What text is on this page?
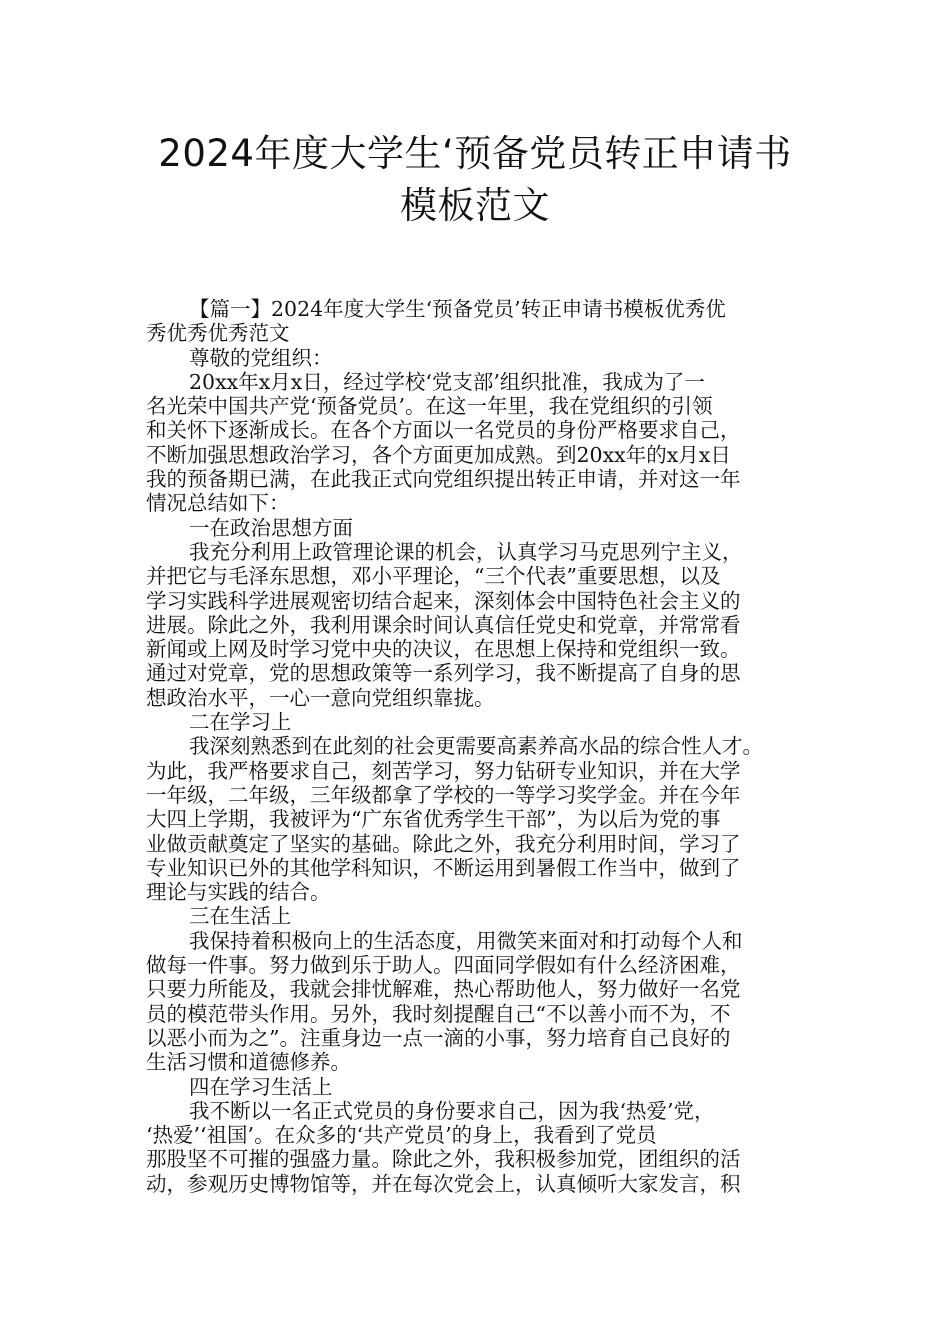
2024年度大学生‘预备党员转正申请书
模板范文
【篇一】2024年度大学生‘预备党员’转正申请书模板优秀优
秀优秀优秀范文
尊敬的党组织：
20xx年x月x日，经过学校‘党支部’组织批准，我成为了一
名光荣中国共产党‘预备党员’。在这一年里，我在党组织的引领
和关怀下逐渐成长。在各个方面以一名党员的身份严格要求自己，
不断加强思想政治学习，各个方面更加成熟。到20xx年的x月x日
我的预备期已满，在此我正式向党组织提出转正申请，并对这一年
情况总结如下：
一在政治思想方面
我充分利用上政管理论课的机会，认真学习马克思列宁主义，
并把它与毛泽东思想，邓小平理论，“三个代表”重要思想，以及
学习实践科学进展观密切结合起来，深刻体会中国特色社会主义的
进展。除此之外，我利用课余时间认真信任党史和党章，并常常看
新闻或上网及时学习党中央的决议，在思想上保持和党组织一致。
通过对党章，党的思想政策等一系列学习，我不断提高了自身的思
想政治水平，一心一意向党组织靠拢。
二在学习上
我深刻熟悉到在此刻的社会更需要高素养高水品的综合性人才。
为此，我严格要求自己，刻苦学习，努力钻研专业知识，并在大学
一年级，二年级，三年级都拿了学校的一等学习奖学金。并在今年
大四上学期，我被评为“广东省优秀学生干部”，为以后为党的事
业做贡献奠定了坚实的基础。除此之外，我充分利用时间，学习了
专业知识已外的其他学科知识，不断运用到暑假工作当中，做到了
理论与实践的结合。
三在生活上
我保持着积极向上的生活态度，用微笑来面对和打动每个人和
做每一件事。努力做到乐于助人。四面同学假如有什么经济困难，
只要力所能及，我就会排忧解难，热心帮助他人，努力做好一名党
员的模范带头作用。另外，我时刻提醒自己“不以善小而不为，不
以恶小而为之”。注重身边一点一滴的小事，努力培育自己良好的
生活习惯和道德修养。
四在学习生活上
我不断以一名正式党员的身份要求自己，因为我‘热爱’党，
‘热爱’‘祖国’。在众多的‘共产党员’的身上，我看到了党员
那股坚不可摧的强盛力量。除此之外，我积极参加党，团组织的活
动，参观历史博物馆等，并在每次党会上，认真倾听大家发言，积
